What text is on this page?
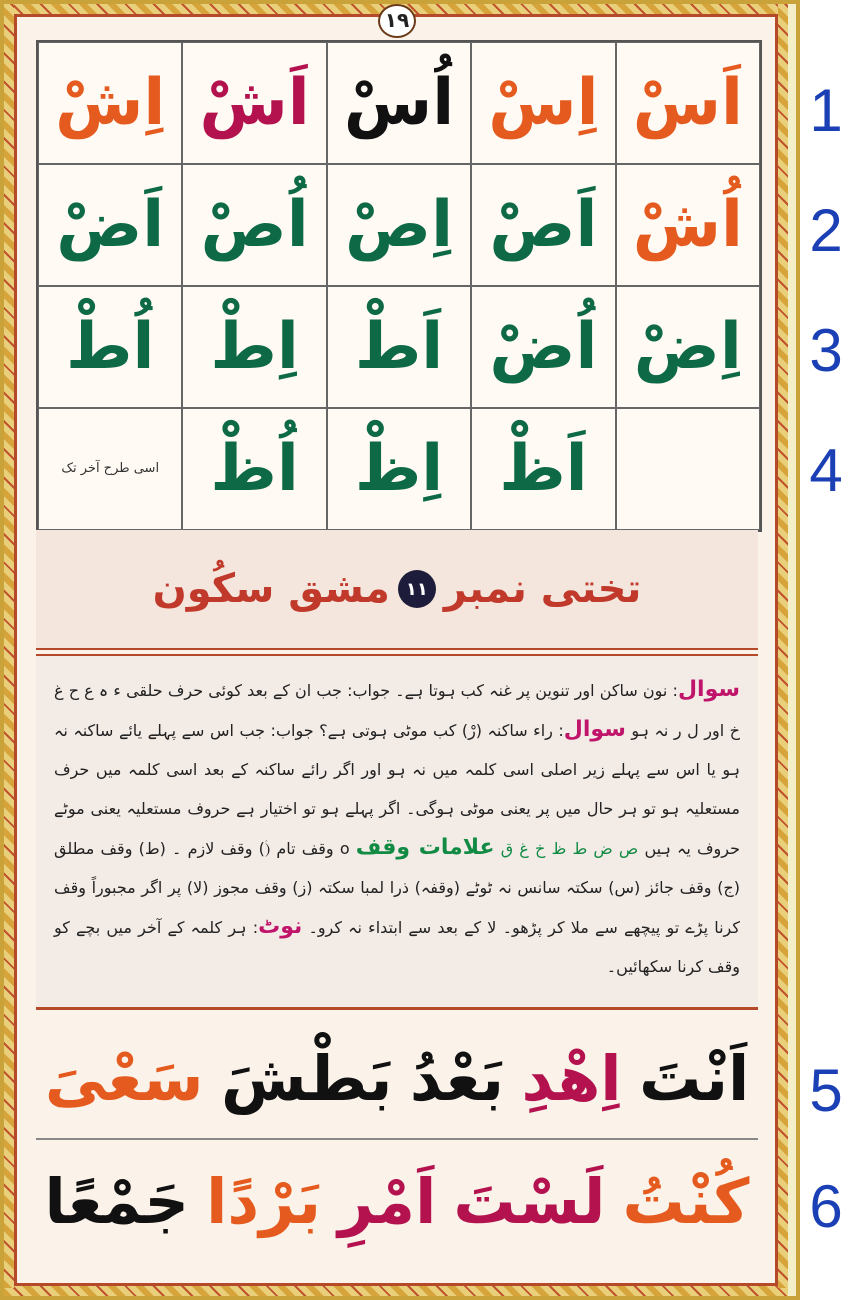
١٩
اَسْ
اِسْ
اُسْ
اَشْ
اِشْ
اُشْ
اَصْ
اِصْ
اُصْ
اَضْ
اِضْ
اُضْ
اَطْ
اِطْ
اُطْ
اَظْ
اِظْ
اُظْ
اسی طرح آخر تک
1
2
3
4
5
6
تختی نمبر
١١
مشق سکُون
سوال: نون ساکن اور تنوین پر غنہ کب ہوتا ہے۔ جواب: جب ان کے بعد کوئی حرف حلقی ء ہ ع ح غ خ اور ل ر نہ ہو سوال: راء ساکنہ (رْ) کب موٹی ہوتی ہے؟ جواب: جب اس سے پہلے یائے ساکنہ نہ ہو یا اس سے پہلے زیر اصلی اسی کلمہ میں نہ ہو اور اگر رائے ساکنہ کے بعد اسی کلمہ میں حرف مستعلیہ ہو تو ہر حال میں پر یعنی موٹی ہوگی۔ اگر پہلے ہو تو اختیار ہے حروف مستعلیہ یعنی موٹے حروف یہ ہیں ص ض ط ظ خ غ ق علامات وقف ο وقف تام (ۛ) وقف لازم ۔ (ط) وقف مطلق (ج) وقف جائز (س) سکتہ سانس نہ ٹوٹے (وقفہ) ذرا لمبا سکتہ (ز) وقف مجوز (لا) پر اگر مجبوراً وقف کرنا پڑے تو پیچھے سے ملا کر پڑھو۔ لا کے بعد سے ابتداء نہ کرو۔ نوٹ: ہر کلمہ کے آخر میں بچے کو وقف کرنا سکھائیں۔
اَنْتَ
اِهْدِ
بَعْدُ
بَطْشَ
سَعْىَ
كُنْتُ
لَسْتَ
اَمْرِ
بَرْدًا
جَمْعًا
